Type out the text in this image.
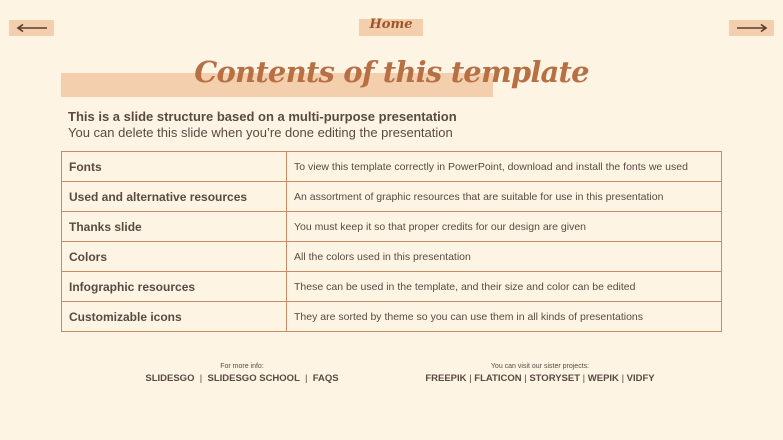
Home
Contents of this template
This is a slide structure based on a multi-purpose presentation
You can delete this slide when you’re done editing the presentation
Fonts	To view this template correctly in PowerPoint, download and install the fonts we used
Used and alternative resources	An assortment of graphic resources that are suitable for use in this presentation
Thanks slide	You must keep it so that proper credits for our design are given
Colors	All the colors used in this presentation
Infographic resources	These can be used in the template, and their size and color can be edited
Customizable icons	They are sorted by theme so you can use them in all kinds of presentations
For more info:
SLIDESGO | SLIDESGO SCHOOL | FAQS
You can visit our sister projects:
FREEPIK | FLATICON | STORYSET | WEPIK | VIDFY
